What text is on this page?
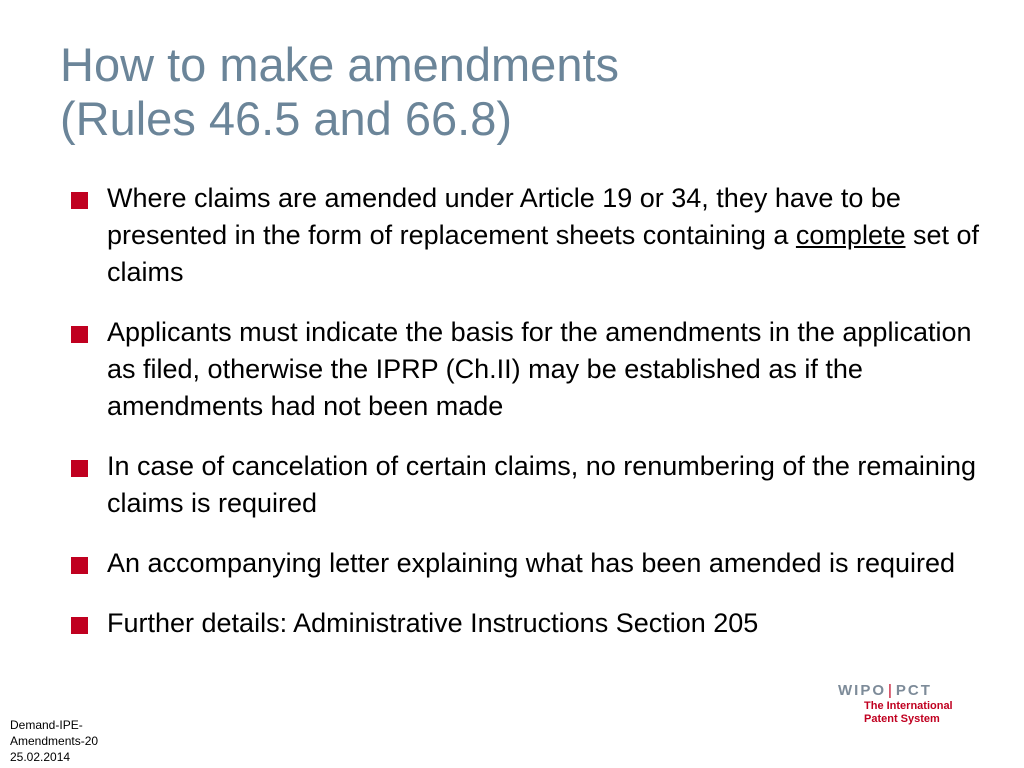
How to make amendments
(Rules 46.5 and 66.8)
Where claims are amended under Article 19 or 34, they have to be presented in the form of replacement sheets containing a complete set of claims
Applicants must indicate the basis for the amendments in the application as filed, otherwise the IPRP (Ch.II) may be established as if the amendments had not been made
In case of cancelation of certain claims, no renumbering of the remaining claims is required
An accompanying letter explaining what has been amended is required
Further details: Administrative Instructions Section 205
Demand-IPE-
Amendments-20
25.02.2014
WIPO | PCT
The International
Patent System
